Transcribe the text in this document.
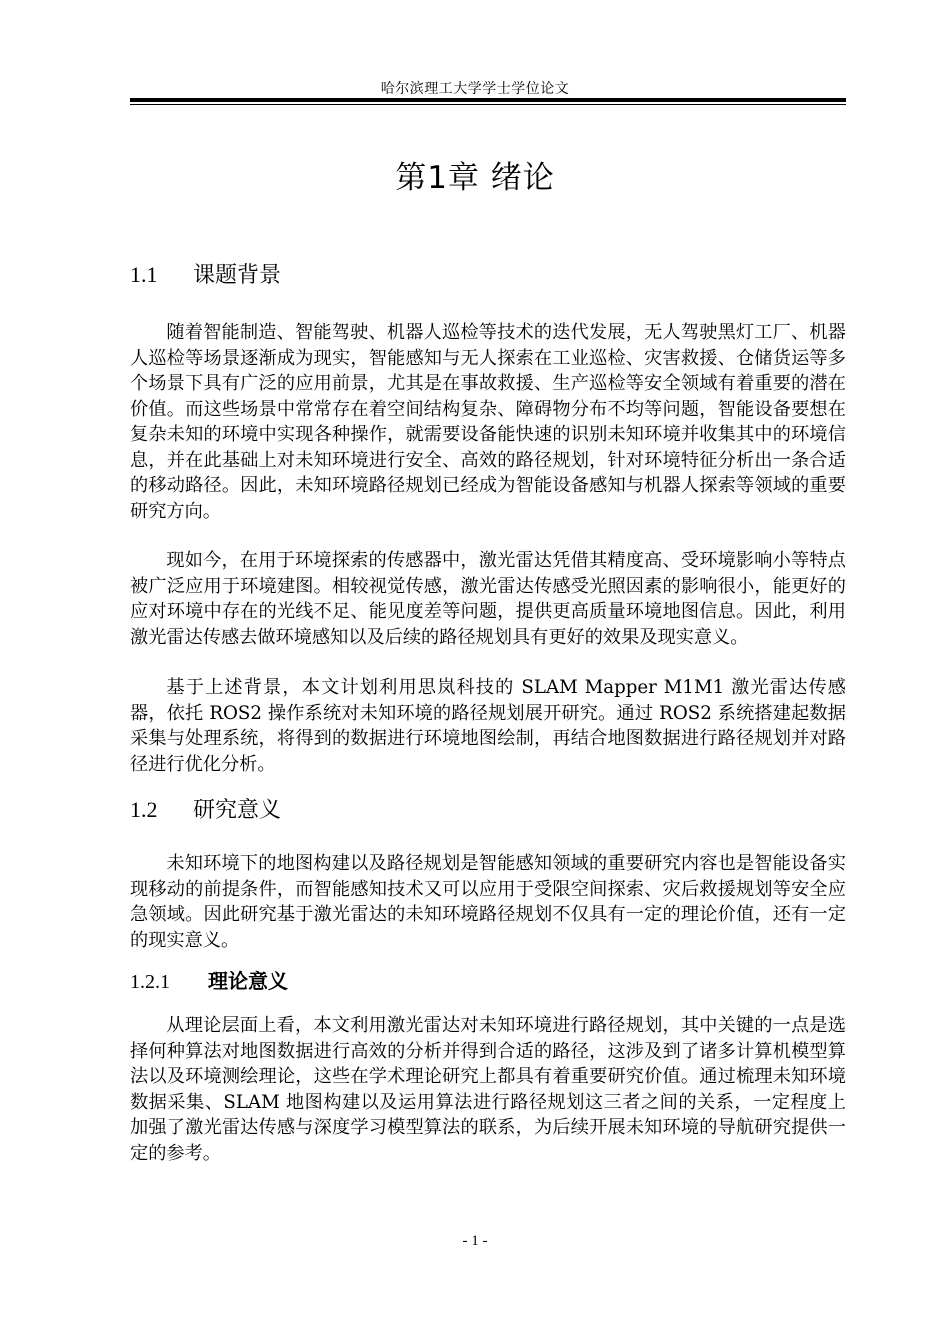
哈尔滨理工大学学士学位论文
第1章 绪论
1.1 课题背景

随着智能制造、智能驾驶、机器人巡检等技术的迭代发展，无人驾驶黑灯工厂、机器人巡检等场景逐渐成为现实，智能感知与无人探索在工业巡检、灾害救援、仓储货运等多个场景下具有广泛的应用前景，尤其是在事故救援、生产巡检等安全领域有着重要的潜在价值。而这些场景中常常存在着空间结构复杂、障碍物分布不均等问题，智能设备要想在复杂未知的环境中实现各种操作，就需要设备能快速的识别未知环境并收集其中的环境信息，并在此基础上对未知环境进行安全、高效的路径规划，针对环境特征分析出一条合适的移动路径。因此，未知环境路径规划已经成为智能设备感知与机器人探索等领域的重要研究方向。

现如今，在用于环境探索的传感器中，激光雷达凭借其精度高、受环境影响小等特点被广泛应用于环境建图。相较视觉传感，激光雷达传感受光照因素的影响很小，能更好的应对环境中存在的光线不足、能见度差等问题，提供更高质量环境地图信息。因此，利用激光雷达传感去做环境感知以及后续的路径规划具有更好的效果及现实意义。

基于上述背景，本文计划利用思岚科技的 SLAM Mapper M1M1 激光雷达传感器，依托 ROS2 操作系统对未知环境的路径规划展开研究。通过 ROS2 系统搭建起数据采集与处理系统，将得到的数据进行环境地图绘制，再结合地图数据进行路径规划并对路径进行优化分析。

1.2 研究意义

未知环境下的地图构建以及路径规划是智能感知领域的重要研究内容也是智能设备实现移动的前提条件，而智能感知技术又可以应用于受限空间探索、灾后救援规划等安全应急领域。因此研究基于激光雷达的未知环境路径规划不仅具有一定的理论价值，还有一定的现实意义。

1.2.1 理论意义

从理论层面上看，本文利用激光雷达对未知环境进行路径规划，其中关键的一点是选择何种算法对地图数据进行高效的分析并得到合适的路径，这涉及到了诸多计算机模型算法以及环境测绘理论，这些在学术理论研究上都具有着重要研究价值。通过梳理未知环境数据采集、SLAM 地图构建以及运用算法进行路径规划这三者之间的关系，一定程度上加强了激光雷达传感与深度学习模型算法的联系，为后续开展未知环境的导航研究提供一定的参考。

- 1 -
